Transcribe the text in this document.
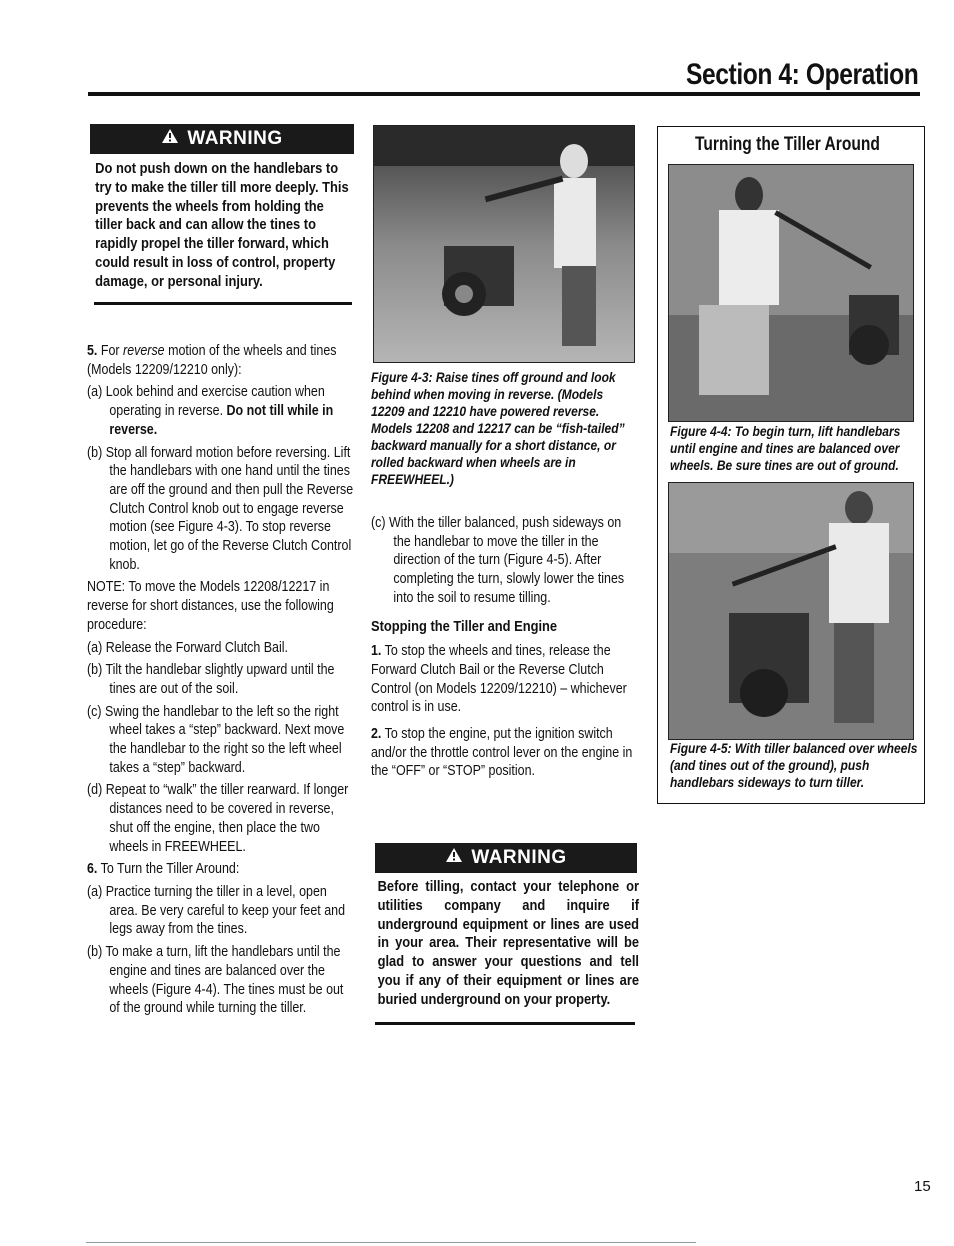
Section 4: Operation
WARNING
Do not push down on the handlebars to try to make the tiller till more deeply. This prevents the wheels from holding the tiller back and can allow the tines to rapidly propel the tiller forward, which could result in loss of control, property damage, or personal injury.

5. For reverse motion of the wheels and tines (Models 12209/12210 only):

(a) Look behind and exercise caution when operating in reverse. Do not till while in reverse.

(b) Stop all forward motion before reversing. Lift the handlebars with one hand until the tines are off the ground and then pull the Reverse Clutch Control knob out to engage reverse motion (see Figure 4-3). To stop reverse motion, let go of the Reverse Clutch Control knob.

NOTE: To move the Models 12208/12217 in reverse for short distances, use the following procedure:

(a) Release the Forward Clutch Bail.

(b) Tilt the handlebar slightly upward until the tines are out of the soil.

(c) Swing the handlebar to the left so the right wheel takes a “step” backward. Next move the handlebar to the right so the left wheel takes a “step” backward.

(d) Repeat to “walk” the tiller rearward. If longer distances need to be covered in reverse, shut off the engine, then place the two wheels in FREEWHEEL.

6. To Turn the Tiller Around:

(a) Practice turning the tiller in a level, open area. Be very careful to keep your feet and legs away from the tines.

(b) To make a turn, lift the handlebars until the engine and tines are balanced over the wheels (Figure 4-4). The tines must be out of the ground while turning the tiller.

Figure 4-3: Raise tines off ground and look behind when moving in reverse. (Models 12209 and 12210 have powered reverse. Models 12208 and 12217 can be “fish-tailed” backward manually for a short distance, or rolled backward when wheels are in FREEWHEEL.)

(c) With the tiller balanced, push sideways on the handlebar to move the tiller in the direction of the turn (Figure 4-5). After completing the turn, slowly lower the tines into the soil to resume tilling.

Stopping the Tiller and Engine

1. To stop the wheels and tines, release the Forward Clutch Bail or the Reverse Clutch Control (on Models 12209/12210) – whichever control is in use.

2. To stop the engine, put the ignition switch and/or the throttle control lever on the engine in the “OFF” or “STOP” position.

WARNING
Before tilling, contact your telephone or utilities company and inquire if underground equipment or lines are used in your area. Their representative will be glad to answer your questions and tell you if any of their equipment or lines are buried underground on your property.
Turning the Tiller Around
Figure 4-4: To begin turn, lift handlebars until engine and tines are balanced over wheels. Be sure tines are out of ground.
Figure 4-5: With tiller balanced over wheels (and tines out of the ground), push handlebars sideways to turn tiller.
15
